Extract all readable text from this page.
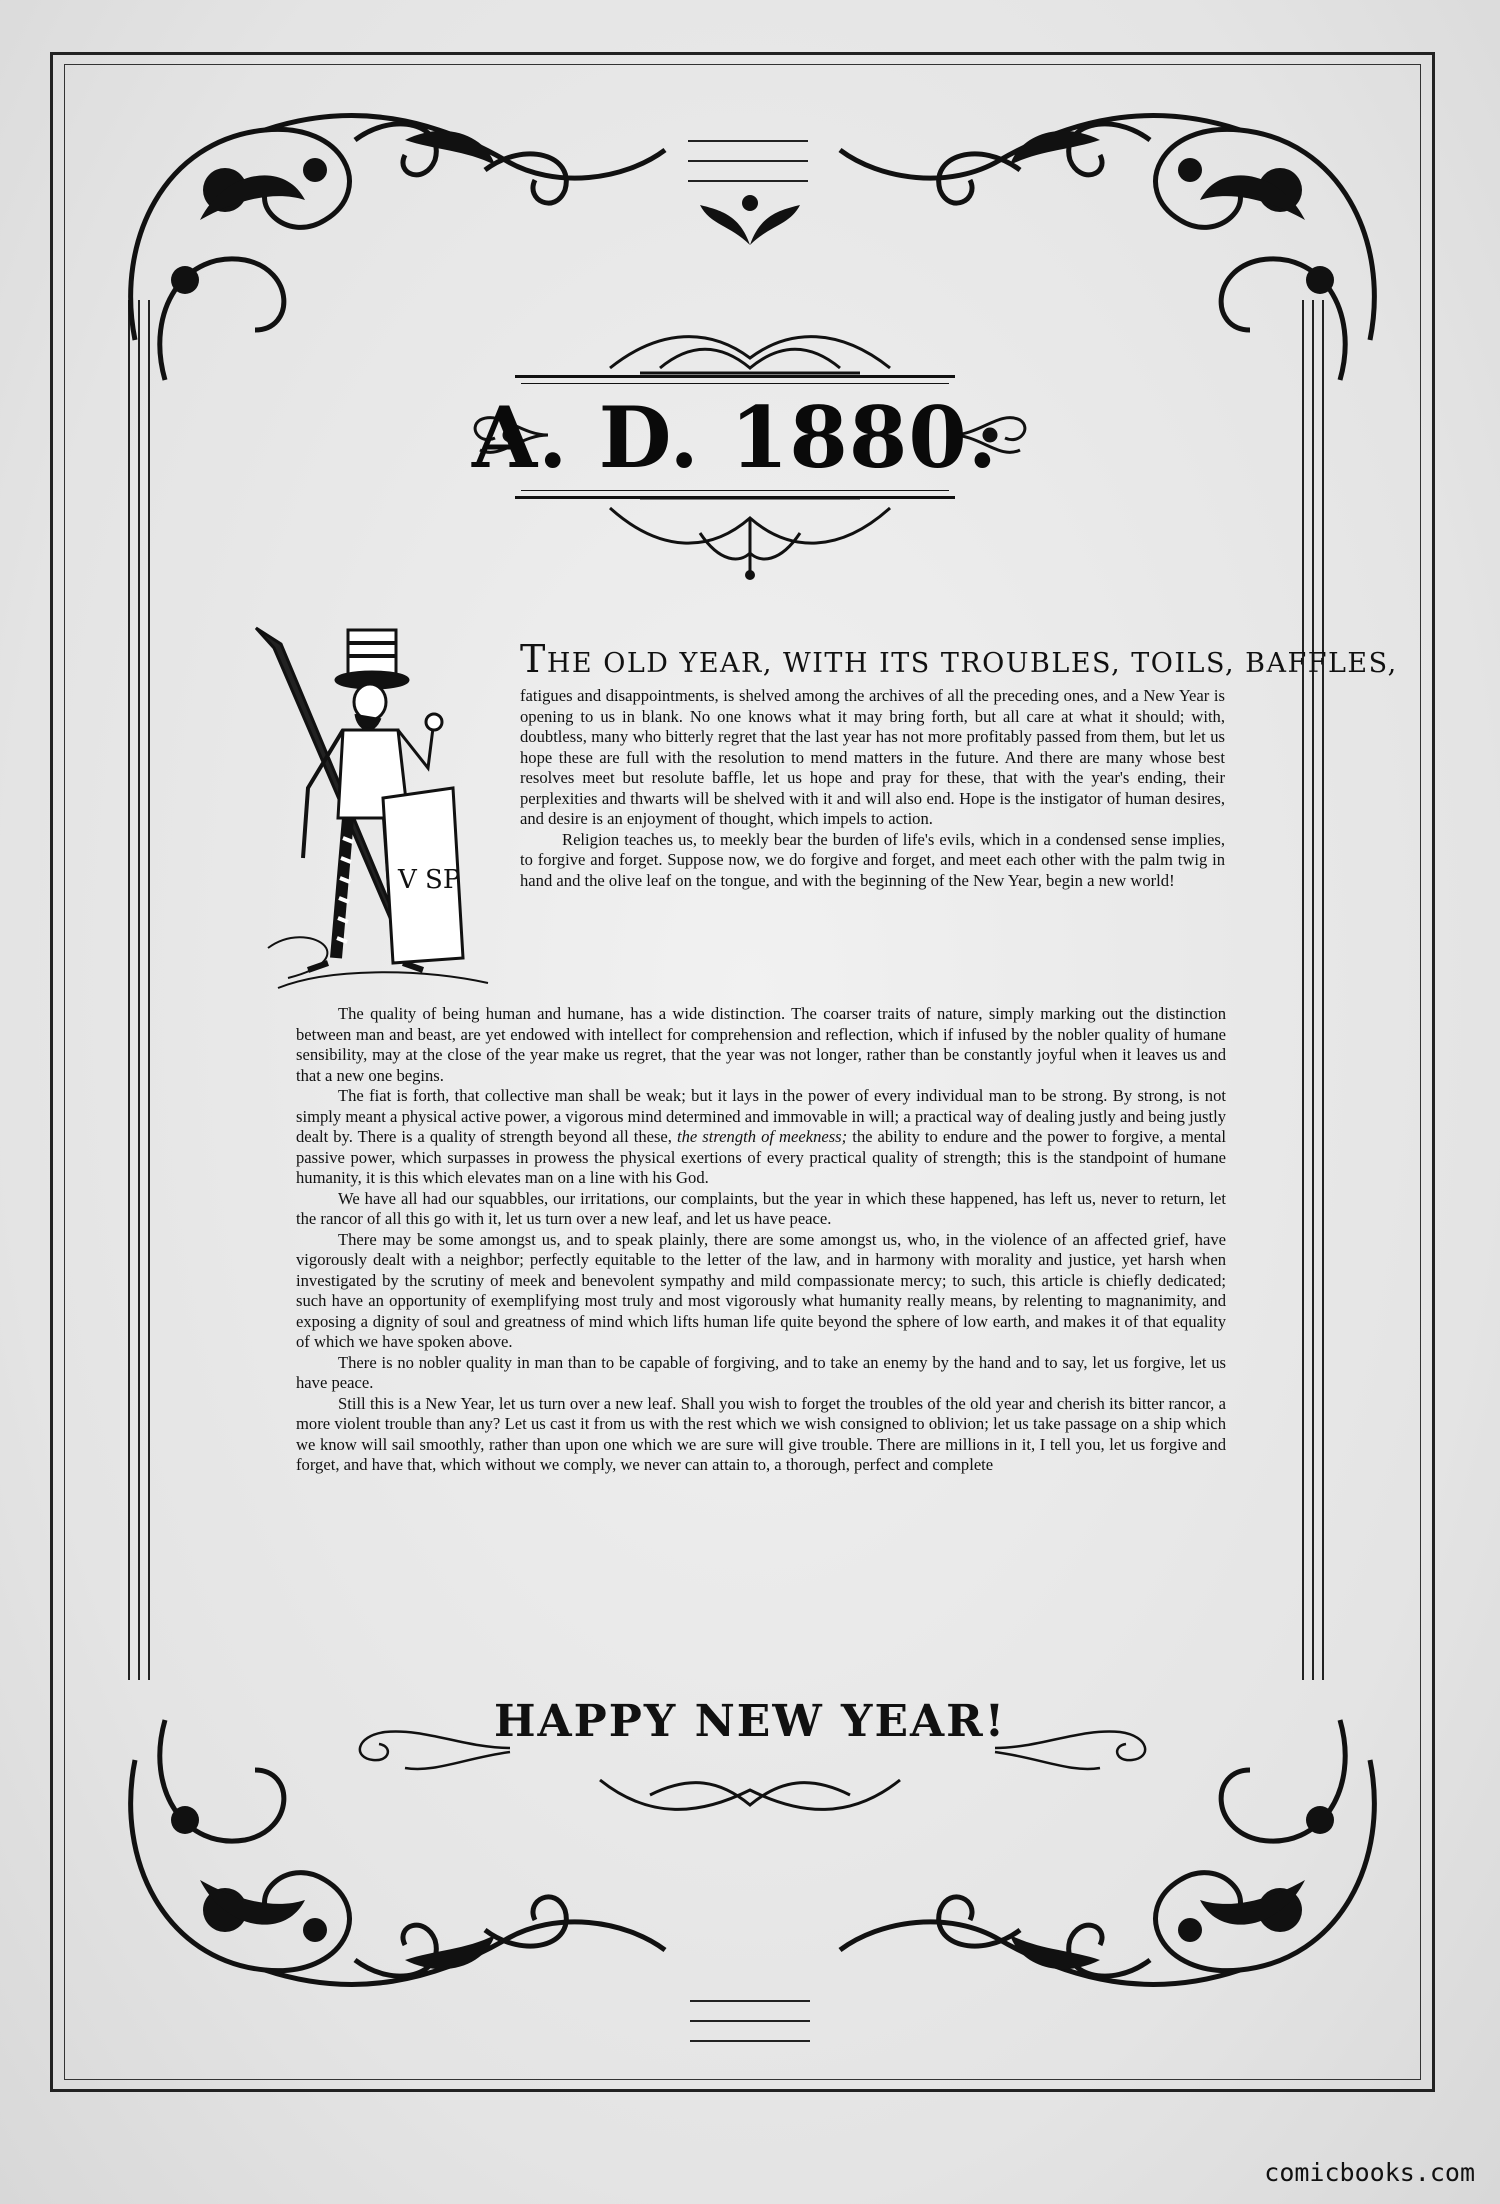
A. D. 1880.
V SP
THE OLD YEAR, WITH ITS TROUBLES, TOILS, BAFFLES,

fatigues and disappointments, is shelved among the archives of all the preceding ones, and a New Year is opening to us in blank. No one knows what it may bring forth, but all care at what it should; with, doubtless, many who bitterly regret that the last year has not more profitably passed from them, but let us hope these are full with the resolution to mend matters in the future. And there are many whose best resolves meet but resolute baffle, let us hope and pray for these, that with the year's ending, their perplexities and thwarts will be shelved with it and will also end. Hope is the instigator of human desires, and desire is an enjoyment of thought, which impels to action.

Religion teaches us, to meekly bear the burden of life's evils, which in a condensed sense implies, to forgive and forget. Suppose now, we do forgive and forget, and meet each other with the palm twig in hand and the olive leaf on the tongue, and with the beginning of the New Year, begin a new world!

The quality of being human and humane, has a wide distinction. The coarser traits of nature, simply marking out the distinction between man and beast, are yet endowed with intellect for comprehension and reflection, which if infused by the nobler quality of humane sensibility, may at the close of the year make us regret, that the year was not longer, rather than be constantly joyful when it leaves us and that a new one begins.

The fiat is forth, that collective man shall be weak; but it lays in the power of every individual man to be strong. By strong, is not simply meant a physical active power, a vigorous mind determined and immovable in will; a practical way of dealing justly and being justly dealt by. There is a quality of strength beyond all these, the strength of meekness; the ability to endure and the power to forgive, a mental passive power, which surpasses in prowess the physical exertions of every practical quality of strength; this is the standpoint of humane humanity, it is this which elevates man on a line with his God.

We have all had our squabbles, our irritations, our complaints, but the year in which these happened, has left us, never to return, let the rancor of all this go with it, let us turn over a new leaf, and let us have peace.

There may be some amongst us, and to speak plainly, there are some amongst us, who, in the violence of an affected grief, have vigorously dealt with a neighbor; perfectly equitable to the letter of the law, and in harmony with morality and justice, yet harsh when investigated by the scrutiny of meek and benevolent sympathy and mild compassionate mercy; to such, this article is chiefly dedicated; such have an opportunity of exemplifying most truly and most vigorously what humanity really means, by relenting to magnanimity, and exposing a dignity of soul and greatness of mind which lifts human life quite beyond the sphere of low earth, and makes it of that equality of which we have spoken above.

There is no nobler quality in man than to be capable of forgiving, and to take an enemy by the hand and to say, let us forgive, let us have peace.

Still this is a New Year, let us turn over a new leaf. Shall you wish to forget the troubles of the old year and cherish its bitter rancor, a more violent trouble than any? Let us cast it from us with the rest which we wish consigned to oblivion; let us take passage on a ship which we know will sail smoothly, rather than upon one which we are sure will give trouble. There are millions in it, I tell you, let us forgive and forget, and have that, which without we comply, we never can attain to, a thorough, perfect and complete

HAPPY NEW YEAR!
comicbooks.com
